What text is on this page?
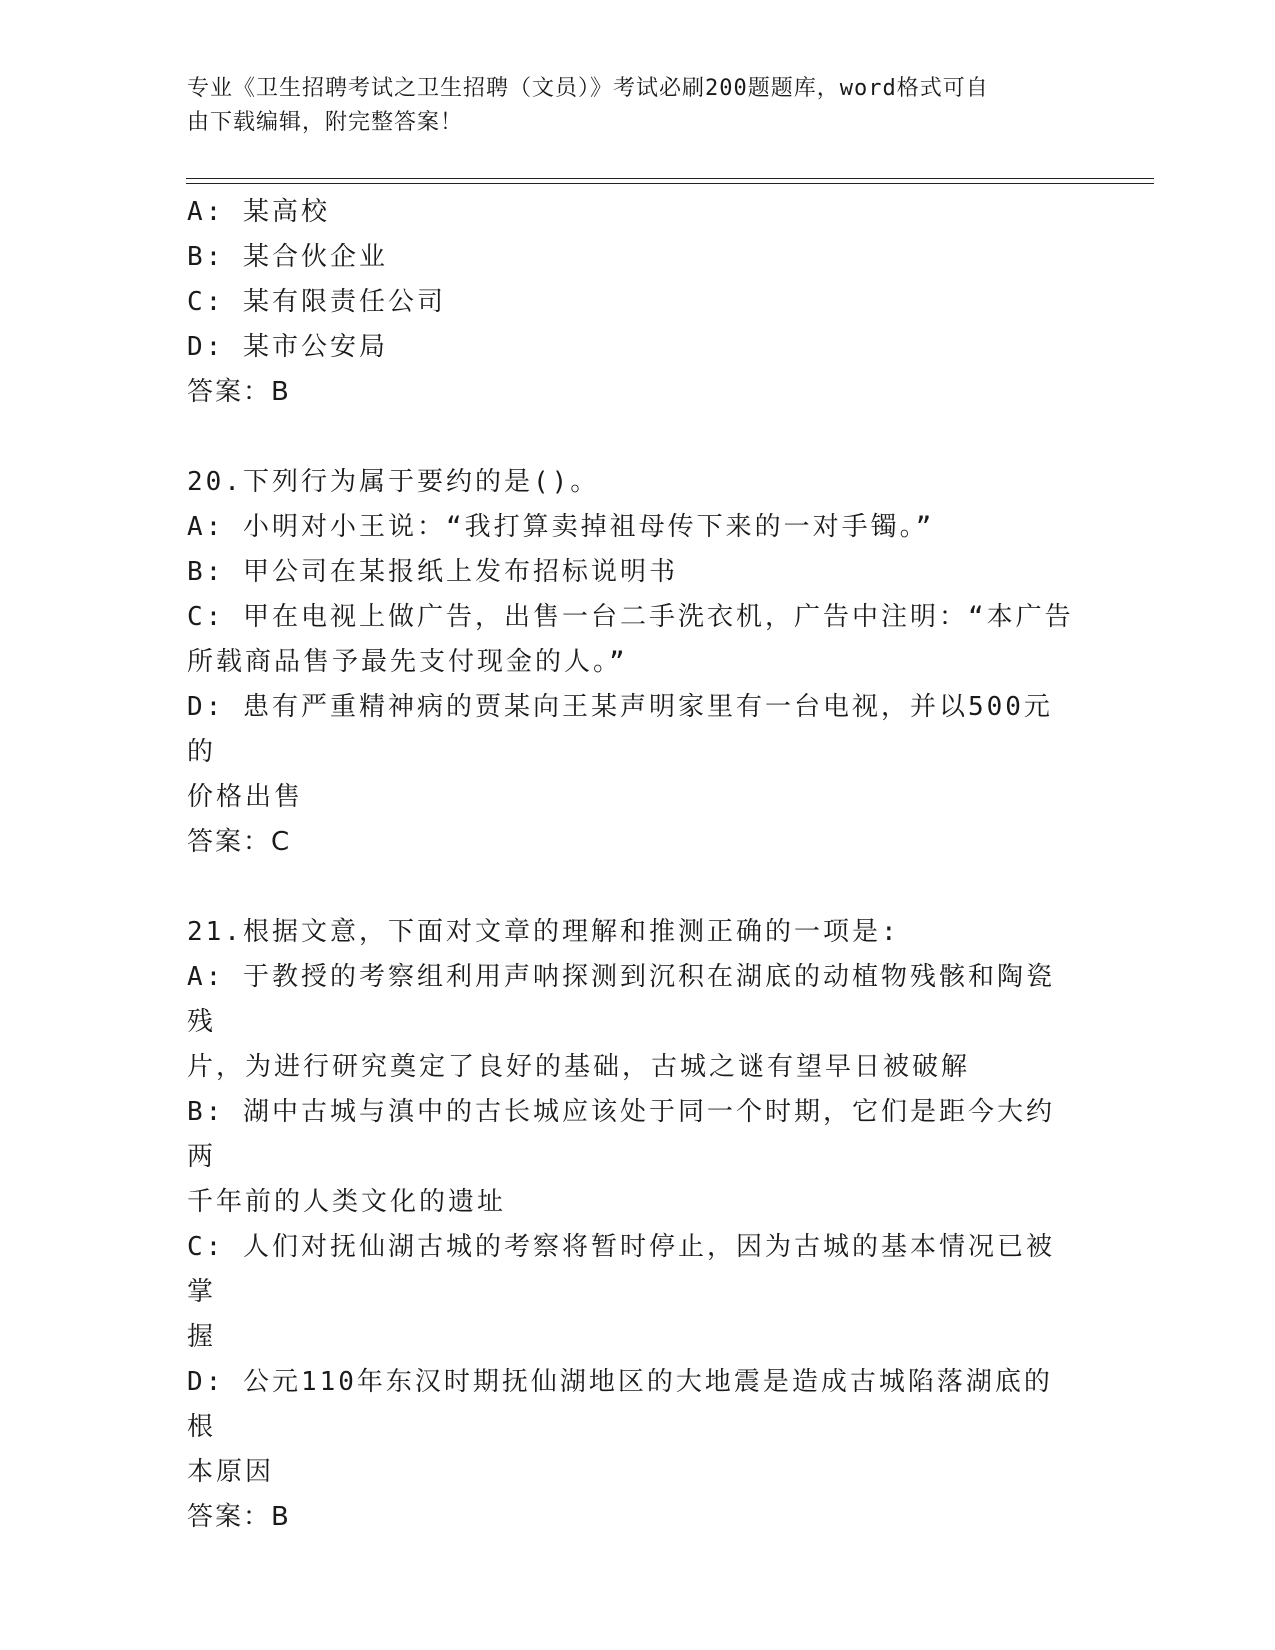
专业《卫生招聘考试之卫生招聘（文员）》考试必刷200题题库，word格式可自
由下载编辑，附完整答案！

A: 某高校

B: 某合伙企业

C: 某有限责任公司

D: 某市公安局

答案：B

20.下列行为属于要约的是()。

A: 小明对小王说：“我打算卖掉祖母传下来的一对手镯。”

B: 甲公司在某报纸上发布招标说明书

C: 甲在电视上做广告，出售一台二手洗衣机，广告中注明：“本广告

所载商品售予最先支付现金的人。”

D: 患有严重精神病的贾某向王某声明家里有一台电视，并以500元的

价格出售

答案：C

21.根据文意，下面对文章的理解和推测正确的一项是:

A: 于教授的考察组利用声呐探测到沉积在湖底的动植物残骸和陶瓷残

片，为进行研究奠定了良好的基础，古城之谜有望早日被破解

B: 湖中古城与滇中的古长城应该处于同一个时期，它们是距今大约两

千年前的人类文化的遗址

C: 人们对抚仙湖古城的考察将暂时停止，因为古城的基本情况已被掌

握

D: 公元110年东汉时期抚仙湖地区的大地震是造成古城陷落湖底的根

本原因

答案：B
